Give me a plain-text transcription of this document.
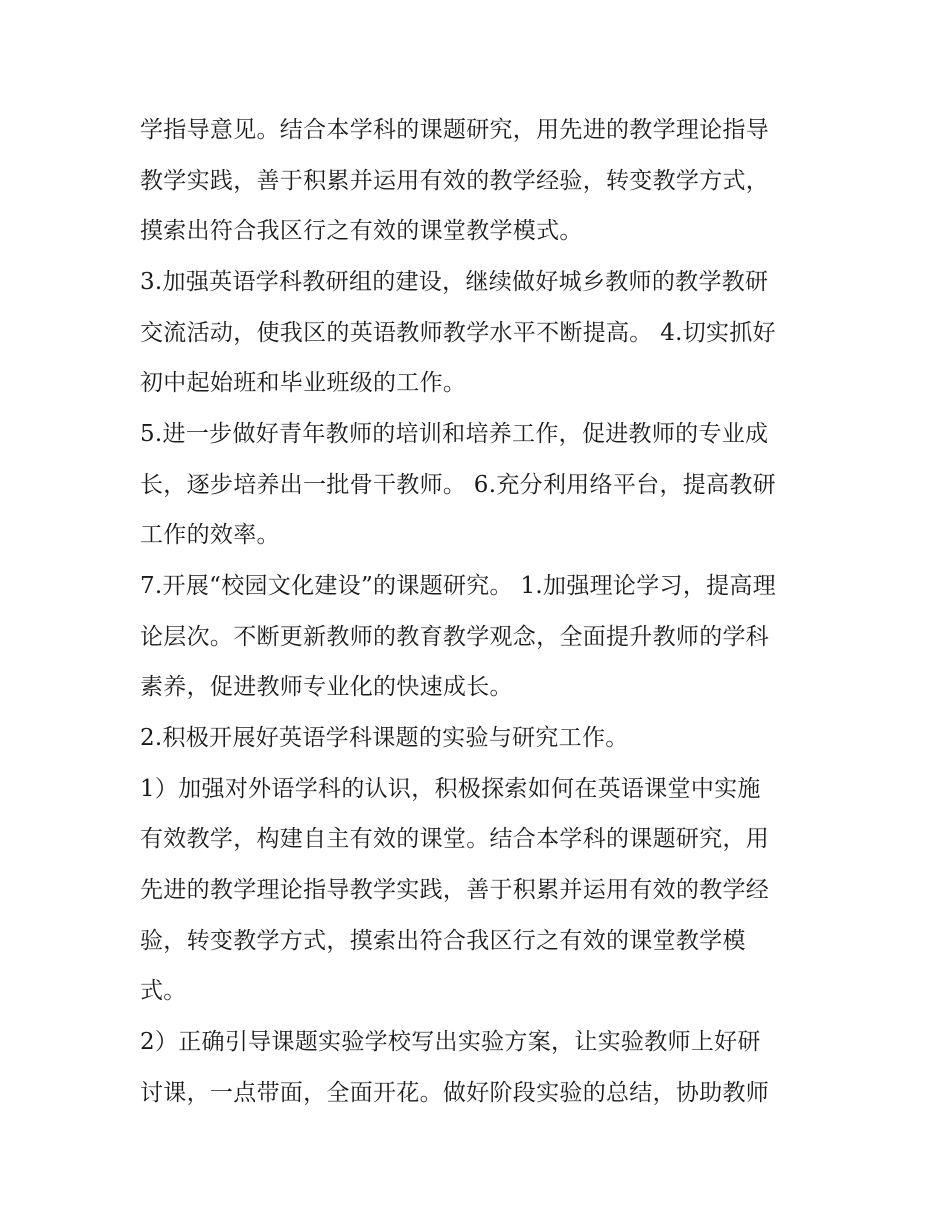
学指导意见。结合本学科的课题研究，用先进的教学理论指导
教学实践，善于积累并运用有效的教学经验，转变教学方式，
摸索出符合我区行之有效的课堂教学模式。
3.加强英语学科教研组的建设，继续做好城乡教师的教学教研
交流活动，使我区的英语教师教学水平不断提高。 4.切实抓好
初中起始班和毕业班级的工作。
5.进一步做好青年教师的培训和培养工作，促进教师的专业成
长，逐步培养出一批骨干教师。 6.充分利用络平台，提高教研
工作的效率。
7.开展“校园文化建设”的课题研究。 1.加强理论学习，提高理
论层次。不断更新教师的教育教学观念，全面提升教师的学科
素养，促进教师专业化的快速成长。
2.积极开展好英语学科课题的实验与研究工作。
1）加强对外语学科的认识，积极探索如何在英语课堂中实施
有效教学，构建自主有效的课堂。结合本学科的课题研究，用
先进的教学理论指导教学实践，善于积累并运用有效的教学经
验，转变教学方式，摸索出符合我区行之有效的课堂教学模
式。
2）正确引导课题实验学校写出实验方案，让实验教师上好研
讨课，一点带面，全面开花。做好阶段实验的总结，协助教师
